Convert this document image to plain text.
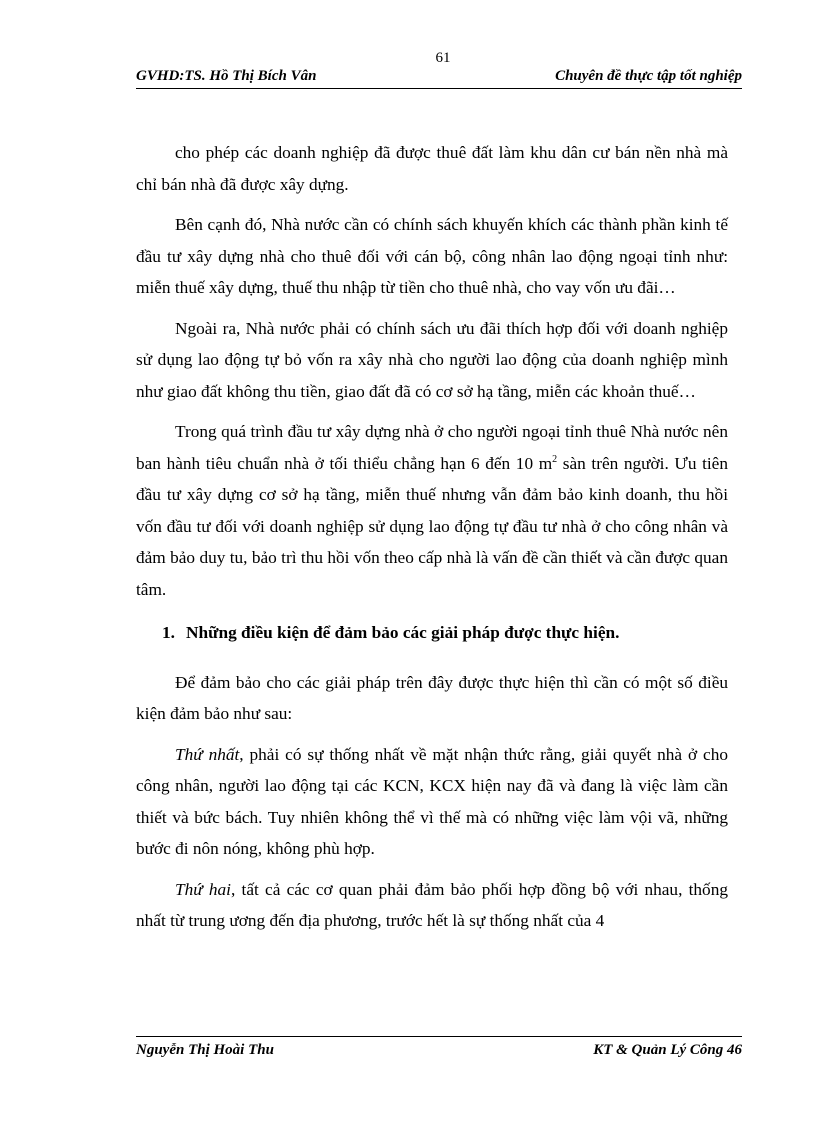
61
GVHD:TS. Hồ Thị Bích Vân	Chuyên đề thực tập tốt nghiệp

cho phép các doanh nghiệp đã được thuê đất làm khu dân cư bán nền nhà mà chỉ bán nhà đã được xây dựng.

Bên cạnh đó, Nhà nước cần có chính sách khuyến khích các thành phần kinh tế đầu tư xây dựng nhà cho thuê đối với cán bộ, công nhân lao động ngoại tỉnh như: miễn thuế xây dựng, thuế thu nhập từ tiền cho thuê nhà, cho vay vốn ưu đãi…

Ngoài ra, Nhà nước phải có chính sách ưu đãi thích hợp đối với doanh nghiệp sử dụng lao động tự bỏ vốn ra xây nhà cho người lao động của doanh nghiệp mình như giao đất không thu tiền, giao đất đã có cơ sở hạ tầng, miễn các khoản thuế…

Trong quá trình đầu tư xây dựng nhà ở cho người ngoại tỉnh thuê Nhà nước nên ban hành tiêu chuẩn nhà ở tối thiểu chẳng hạn 6 đến 10 $m^2$ sàn trên người. Ưu tiên đầu tư xây dựng cơ sở hạ tầng, miễn thuế nhưng vẫn đảm bảo kinh doanh, thu hồi vốn đầu tư đối với doanh nghiệp sử dụng lao động tự đầu tư nhà ở cho công nhân và đảm bảo duy tu, bảo trì thu hồi vốn theo cấp nhà là vấn đề cần thiết và cần được quan tâm.

1. Những điều kiện để đảm bảo các giải pháp được thực hiện.

Để đảm bảo cho các giải pháp trên đây được thực hiện thì cần có một số điều kiện đảm bảo như sau:

Thứ nhất, phải có sự thống nhất về mặt nhận thức rằng, giải quyết nhà ở cho công nhân, người lao động tại các KCN, KCX hiện nay đã và đang là việc làm cần thiết và bức bách. Tuy nhiên không thể vì thế mà có những việc làm vội vã, những bước đi nôn nóng, không phù hợp.

Thứ hai, tất cả các cơ quan phải đảm bảo phối hợp đồng bộ với nhau, thống nhất từ trung ương đến địa phương, trước hết là sự thống nhất của 4

Nguyễn Thị Hoài Thu	KT & Quản Lý Công 46
